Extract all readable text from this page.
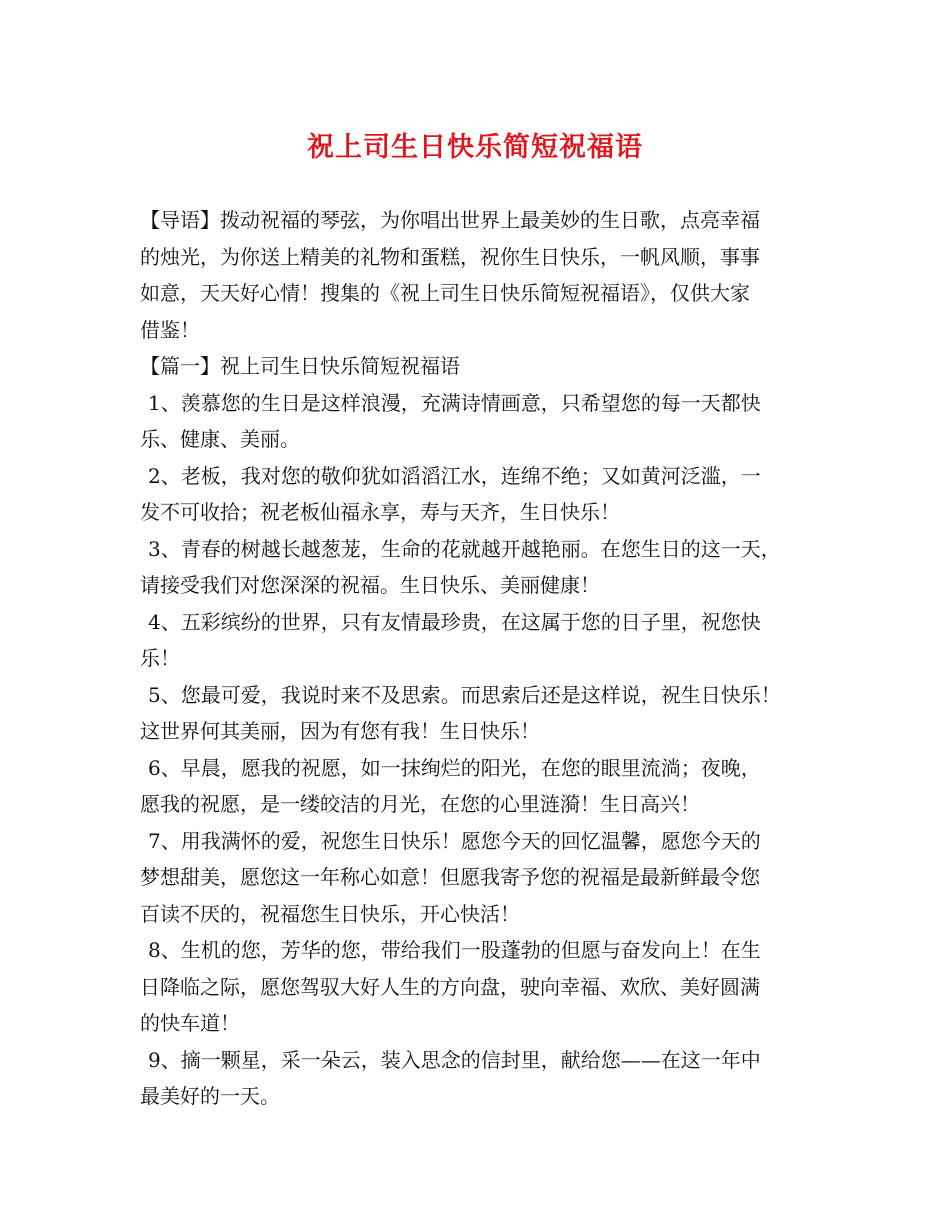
祝上司生日快乐简短祝福语
【导语】拨动祝福的琴弦，为你唱出世界上最美妙的生日歌，点亮幸福
的烛光，为你送上精美的礼物和蛋糕，祝你生日快乐，一帆风顺，事事
如意，天天好心情！搜集的《祝上司生日快乐简短祝福语》，仅供大家
借鉴！
【篇一】祝上司生日快乐简短祝福语
1、羡慕您的生日是这样浪漫，充满诗情画意，只希望您的每一天都快
乐、健康、美丽。
2、老板，我对您的敬仰犹如滔滔江水，连绵不绝；又如黄河泛滥，一
发不可收拾；祝老板仙福永享，寿与天齐，生日快乐！
3、青春的树越长越葱茏，生命的花就越开越艳丽。在您生日的这一天，
请接受我们对您深深的祝福。生日快乐、美丽健康！
4、五彩缤纷的世界，只有友情最珍贵，在这属于您的日子里，祝您快
乐！
5、您最可爱，我说时来不及思索。而思索后还是这样说，祝生日快乐！
这世界何其美丽，因为有您有我！生日快乐！
6、早晨，愿我的祝愿，如一抹绚烂的阳光，在您的眼里流淌；夜晚，
愿我的祝愿，是一缕皎洁的月光，在您的心里涟漪！生日高兴！
7、用我满怀的爱，祝您生日快乐！愿您今天的回忆温馨，愿您今天的
梦想甜美，愿您这一年称心如意！但愿我寄予您的祝福是最新鲜最令您
百读不厌的，祝福您生日快乐，开心快活！
8、生机的您，芳华的您，带给我们一股蓬勃的但愿与奋发向上！在生
日降临之际，愿您驾驭大好人生的方向盘，驶向幸福、欢欣、美好圆满
的快车道！
9、摘一颗星，采一朵云，装入思念的信封里，献给您——在这一年中
最美好的一天。
